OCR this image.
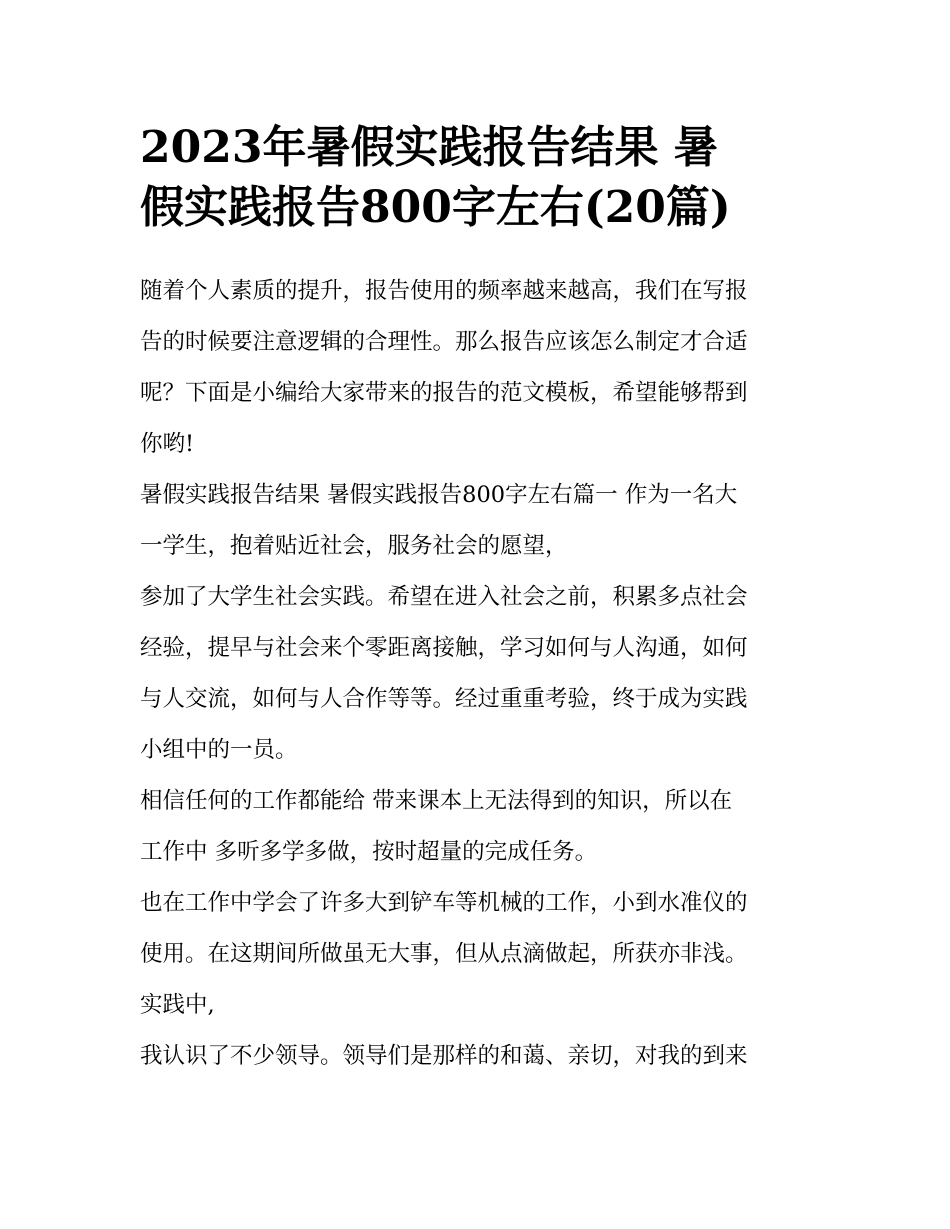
2023年暑假实践报告结果 暑
假实践报告800字左右(20篇)

随着个人素质的提升，报告使用的频率越来越高，我们在写报
告的时候要注意逻辑的合理性。那么报告应该怎么制定才合适
呢？下面是小编给大家带来的报告的范文模板，希望能够帮到
你哟!

暑假实践报告结果 暑假实践报告800字左右篇一 作为一名大
一学生，抱着贴近社会，服务社会的愿望，

参加了大学生社会实践。希望在进入社会之前，积累多点社会
经验，提早与社会来个零距离接触，学习如何与人沟通，如何
与人交流，如何与人合作等等。经过重重考验，终于成为实践
小组中的一员。

相信任何的工作都能给 带来课本上无法得到的知识，所以在
工作中 多听多学多做，按时超量的完成任务。

也在工作中学会了许多大到铲车等机械的工作，小到水准仪的
使用。在这期间所做虽无大事，但从点滴做起，所获亦非浅。
实践中,

我认识了不少领导。领导们是那样的和蔼、亲切，对我的到来
